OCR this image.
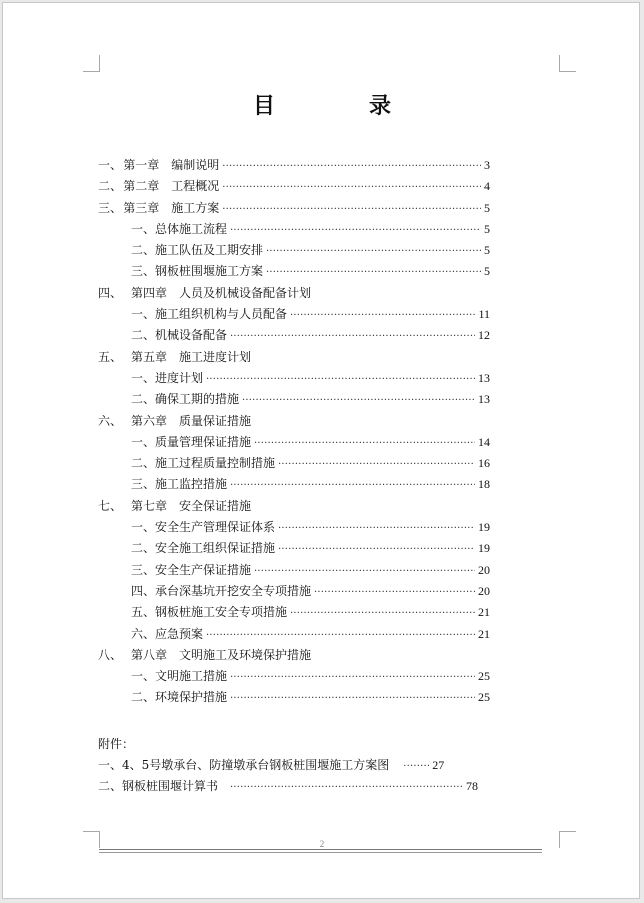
目　录
一、 第一章　编制说明 ·····	3
二、 第二章　工程概况 ·····	4
三、 第三章　施工方案 ·····	5
一、总体施工流程 ·····	5
二、施工队伍及工期安排 ·····	5
三、钢板桩围堰施工方案 ·····	5
四、 第四章　人员及机械设备配备计划
一、施工组织机构与人员配备 ·····	11
二、机械设备配备 ·····	12
五、 第五章　施工进度计划
一、进度计划 ·····	13
二、确保工期的措施 ·····	13
六、 第六章　质量保证措施
一、质量管理保证措施 ·····	14
二、施工过程质量控制措施 ·····	16
三、施工监控措施 ·····	18
七、 第七章　安全保证措施
一、安全生产管理保证体系 ·····	19
二、安全施工组织保证措施 ·····	19
三、安全生产保证措施 ·····	20
四、承台深基坑开挖安全专项措施 ·····	20
五、钢板桩施工安全专项措施 ·····	21
六、应急预案 ·····	21
八、 第八章　文明施工及环境保护措施
一、文明施工措施 ·····	25
二、环境保护措施 ·····	25
附件：
一、4、5号墩承台、防撞墩承台钢板桩围堰施工方案图 ·····	27
二、钢板桩围堰计算书 ·····	78
2
